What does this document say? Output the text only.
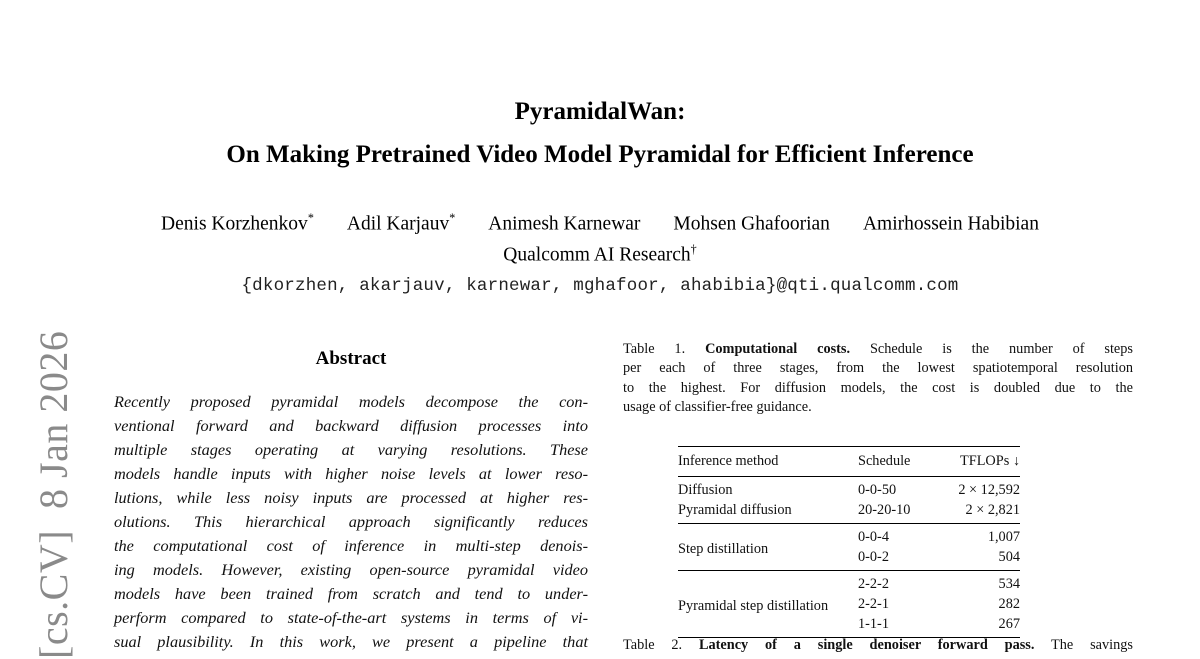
[cs.CV]  8 Jan 2026
PyramidalWan:
On Making Pretrained Video Model Pyramidal for Efficient Inference
Denis Korzhenkov* Adil Karjauv* Animesh Karnewar Mohsen Ghafoorian Amirhossein Habibian
Qualcomm AI Research†
{dkorzhen, akarjauv, karnewar, mghafoor, ahabibia}@qti.qualcomm.com
Abstract
Recently proposed pyramidal models decompose the con-
ventional forward and backward diffusion processes into
multiple stages operating at varying resolutions. These
models handle inputs with higher noise levels at lower reso-
lutions, while less noisy inputs are processed at higher res-
olutions. This hierarchical approach significantly reduces
the computational cost of inference in multi-step denois-
ing models. However, existing open-source pyramidal video
models have been trained from scratch and tend to under-
perform compared to state-of-the-art systems in terms of vi-
sual plausibility. In this work, we present a pipeline that
Table 1. Computational costs. Schedule is the number of steps
per each of three stages, from the lowest spatiotemporal resolution
to the highest. For diffusion models, the cost is doubled due to the
usage of classifier-free guidance.
Inference method	Schedule	TFLOPs ↓
Diffusion	0-0-50	2 × 12,592
Pyramidal diffusion	20-20-10	2 × 2,821
Step distillation	0-0-4	1,007
	0-0-2	504
Pyramidal step distillation	2-2-2	534
	2-2-1	282
	1-1-1	267
Table 2. Latency of a single denoiser forward pass. The savings
